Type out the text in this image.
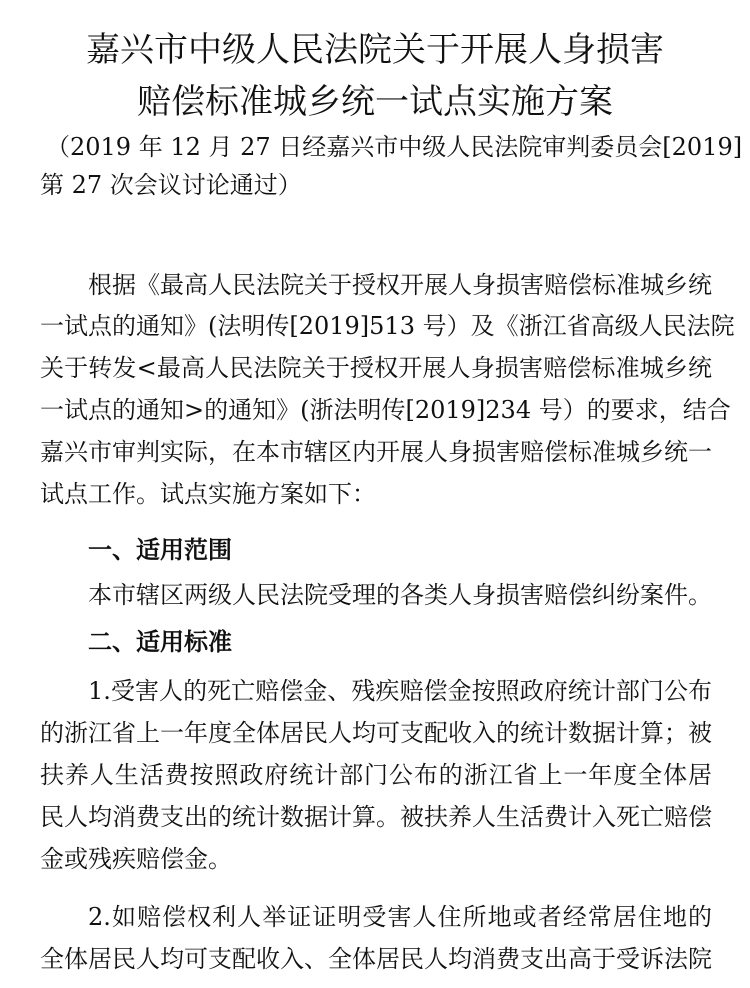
嘉兴市中级人民法院关于开展人身损害
赔偿标准城乡统一试点实施方案
（2019 年 12 月 27 日经嘉兴市中级人民法院审判委员会[2019]
第 27 次会议讨论通过）
根据《最高人民法院关于授权开展人身损害赔偿标准城乡统
一试点的通知》(法明传[2019]513 号）及《浙江省高级人民法院
关于转发<最高人民法院关于授权开展人身损害赔偿标准城乡统
一试点的通知>的通知》(浙法明传[2019]234 号）的要求，结合
嘉兴市审判实际，在本市辖区内开展人身损害赔偿标准城乡统一
试点工作。试点实施方案如下：
一、适用范围
本市辖区两级人民法院受理的各类人身损害赔偿纠纷案件。
二、适用标准
1.受害人的死亡赔偿金、残疾赔偿金按照政府统计部门公布
的浙江省上一年度全体居民人均可支配收入的统计数据计算；被
扶养人生活费按照政府统计部门公布的浙江省上一年度全体居
民人均消费支出的统计数据计算。被扶养人生活费计入死亡赔偿
金或残疾赔偿金。
2.如赔偿权利人举证证明受害人住所地或者经常居住地的
全体居民人均可支配收入、全体居民人均消费支出高于受诉法院
